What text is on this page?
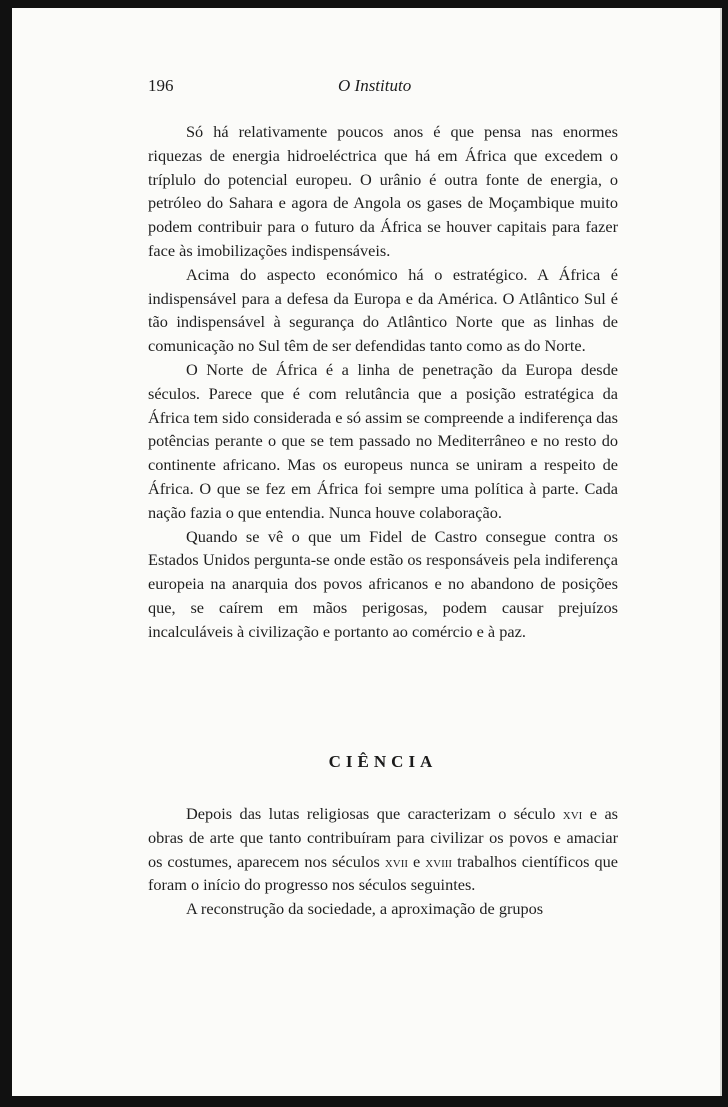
196	O Instituto

Só há relativamente poucos anos é que pensa nas enormes riquezas de energia hidroeléctrica que há em África que excedem o tríplulo do potencial europeu. O urânio é outra fonte de energia, o petróleo do Sahara e agora de Angola os gases de Moçambique muito podem contribuir para o futuro da África se houver capitais para fazer face às imobilizações indispensáveis.

Acima do aspecto económico há o estratégico. A África é indispensável para a defesa da Europa e da América. O Atlântico Sul é tão indispensável à segurança do Atlântico Norte que as linhas de comunicação no Sul têm de ser defendidas tanto como as do Norte.

O Norte de África é a linha de penetração da Europa desde séculos. Parece que é com relutância que a posição estratégica da África tem sido considerada e só assim se compreende a indiferença das potências perante o que se tem passado no Mediterrâneo e no resto do continente africano. Mas os europeus nunca se uniram a respeito de África. O que se fez em África foi sempre uma política à parte. Cada nação fazia o que entendia. Nunca houve colaboração.

Quando se vê o que um Fidel de Castro consegue contra os Estados Unidos pergunta-se onde estão os responsáveis pela indiferença europeia na anarquia dos povos africanos e no abandono de posições que, se caírem em mãos perigosas, podem causar prejuízos incalculáveis à civilização e portanto ao comércio e à paz.

CIÊNCIA

Depois das lutas religiosas que caracterizam o século xvi e as obras de arte que tanto contribuíram para civilizar os povos e amaciar os costumes, aparecem nos séculos xvii e xviii trabalhos científicos que foram o início do progresso nos séculos seguintes.

A reconstrução da sociedade, a aproximação de grupos
